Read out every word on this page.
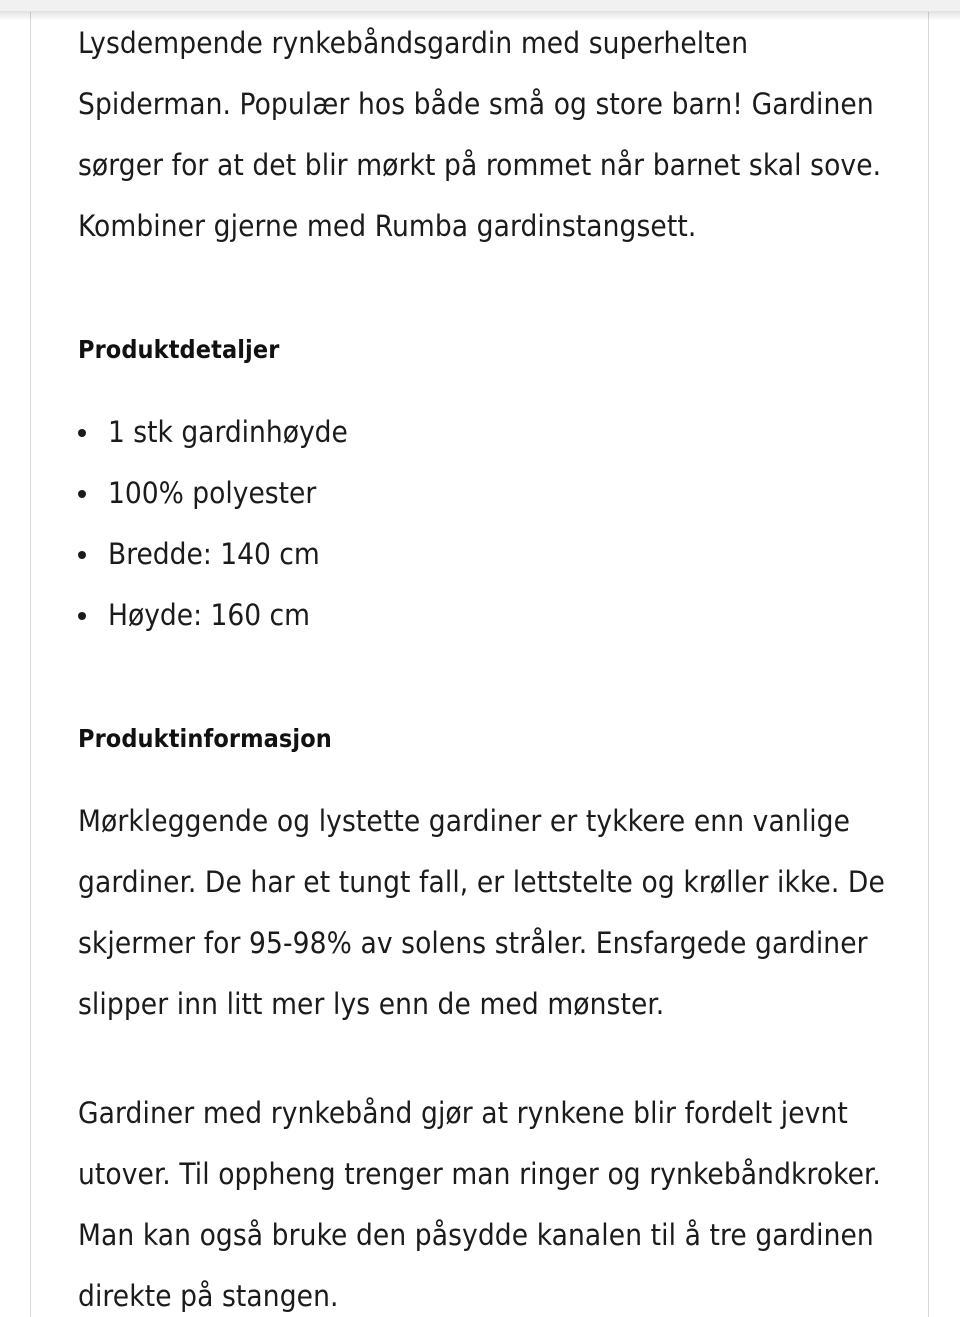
Lysdempende rynkebåndsgardin med superhelten Spiderman. Populær hos både små og store barn! Gardinen sørger for at det blir mørkt på rommet når barnet skal sove. Kombiner gjerne med Rumba gardinstangsett.

Produktdetaljer
1 stk gardinhøyde
100% polyester
Bredde: 140 cm
Høyde: 160 cm
Produktinformasjon

Mørkleggende og lystette gardiner er tykkere enn vanlige gardiner. De har et tungt fall, er lettstelte og krøller ikke. De skjermer for 95-98% av solens stråler. Ensfargede gardiner slipper inn litt mer lys enn de med mønster.

Gardiner med rynkebånd gjør at rynkene blir fordelt jevnt utover. Til oppheng trenger man ringer og rynkebåndkroker. Man kan også bruke den påsydde kanalen til å tre gardinen direkte på stangen.
